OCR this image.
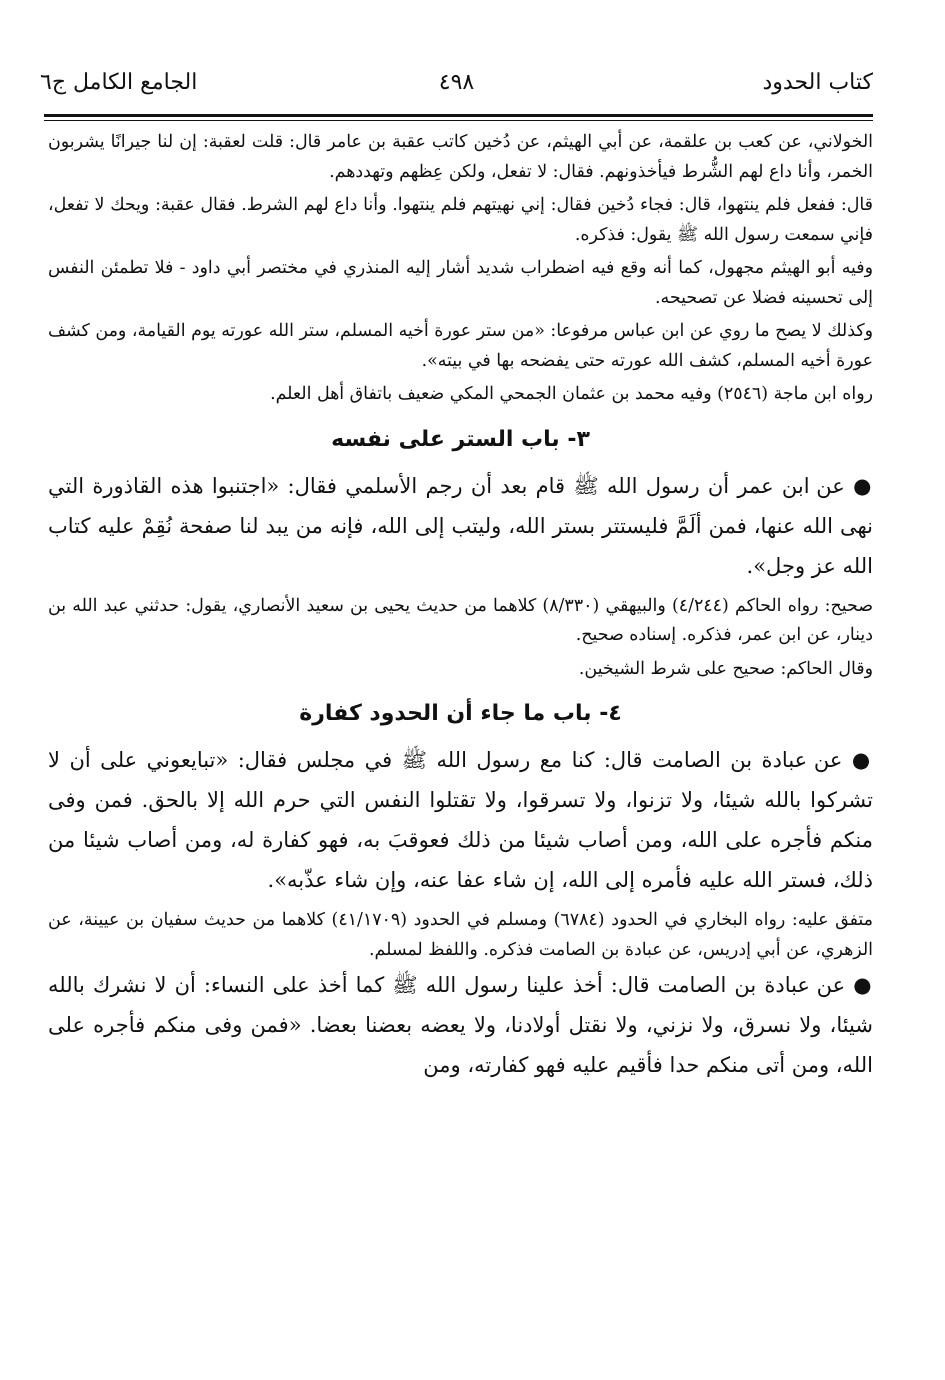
كتاب الحدود
٤٩٨
الجامع الكامل ج٦

الخولاني، عن كعب بن علقمة، عن أبي الهيثم، عن دُخين كاتب عقبة بن عامر قال: قلت لعقبة: إن لنا جيرانًا يشربون الخمر، وأنا داع لهم الشُّرط فيأخذونهم. فقال: لا تفعل، ولكن عِظهم وتهددهم.

قال: ففعل فلم ينتهوا، قال: فجاء دُخين فقال: إني نهيتهم فلم ينتهوا. وأنا داع لهم الشرط. فقال عقبة: ويحك لا تفعل، فإني سمعت رسول الله ﷺ يقول: فذكره.

وفيه أبو الهيثم مجهول، كما أنه وقع فيه اضطراب شديد أشار إليه المنذري في مختصر أبي داود - فلا تطمئن النفس إلى تحسينه فضلا عن تصحيحه.

وكذلك لا يصح ما روي عن ابن عباس مرفوعا: «من ستر عورة أخيه المسلم، ستر الله عورته يوم القيامة، ومن كشف عورة أخيه المسلم، كشف الله عورته حتى يفضحه بها في بيته».

رواه ابن ماجة (٢٥٤٦) وفيه محمد بن عثمان الجمحي المكي ضعيف باتفاق أهل العلم.

٣- باب الستر على نفسه

● عن ابن عمر أن رسول الله ﷺ قام بعد أن رجم الأسلمي فقال: «اجتنبوا هذه القاذورة التي نهى الله عنها، فمن ألَمَّ فليستتر بستر الله، وليتب إلى الله، فإنه من يبد لنا صفحة نُقِمْ عليه كتاب الله عز وجل».

صحيح: رواه الحاكم (٤/٢٤٤) والبيهقي (٨/٣٣٠) كلاهما من حديث يحيى بن سعيد الأنصاري، يقول: حدثني عبد الله بن دينار، عن ابن عمر، فذكره. إسناده صحيح.

وقال الحاكم: صحيح على شرط الشيخين.

٤- باب ما جاء أن الحدود كفارة

● عن عبادة بن الصامت قال: كنا مع رسول الله ﷺ في مجلس فقال: «تبايعوني على أن لا تشركوا بالله شيئا، ولا تزنوا، ولا تسرقوا، ولا تقتلوا النفس التي حرم الله إلا بالحق. فمن وفى منكم فأجره على الله، ومن أصاب شيئا من ذلك فعوقبَ به، فهو كفارة له، ومن أصاب شيئا من ذلك، فستر الله عليه فأمره إلى الله، إن شاء عفا عنه، وإن شاء عذّبه».

متفق عليه: رواه البخاري في الحدود (٦٧٨٤) ومسلم في الحدود (٤١/١٧٠٩) كلاهما من حديث سفيان بن عيينة، عن الزهري، عن أبي إدريس، عن عبادة بن الصامت فذكره. واللفظ لمسلم.

● عن عبادة بن الصامت قال: أخذ علينا رسول الله ﷺ كما أخذ على النساء: أن لا نشرك بالله شيئا، ولا نسرق، ولا نزني، ولا نقتل أولادنا، ولا يعضه بعضنا بعضا. «فمن وفى منكم فأجره على الله، ومن أتى منكم حدا فأقيم عليه فهو كفارته، ومن
